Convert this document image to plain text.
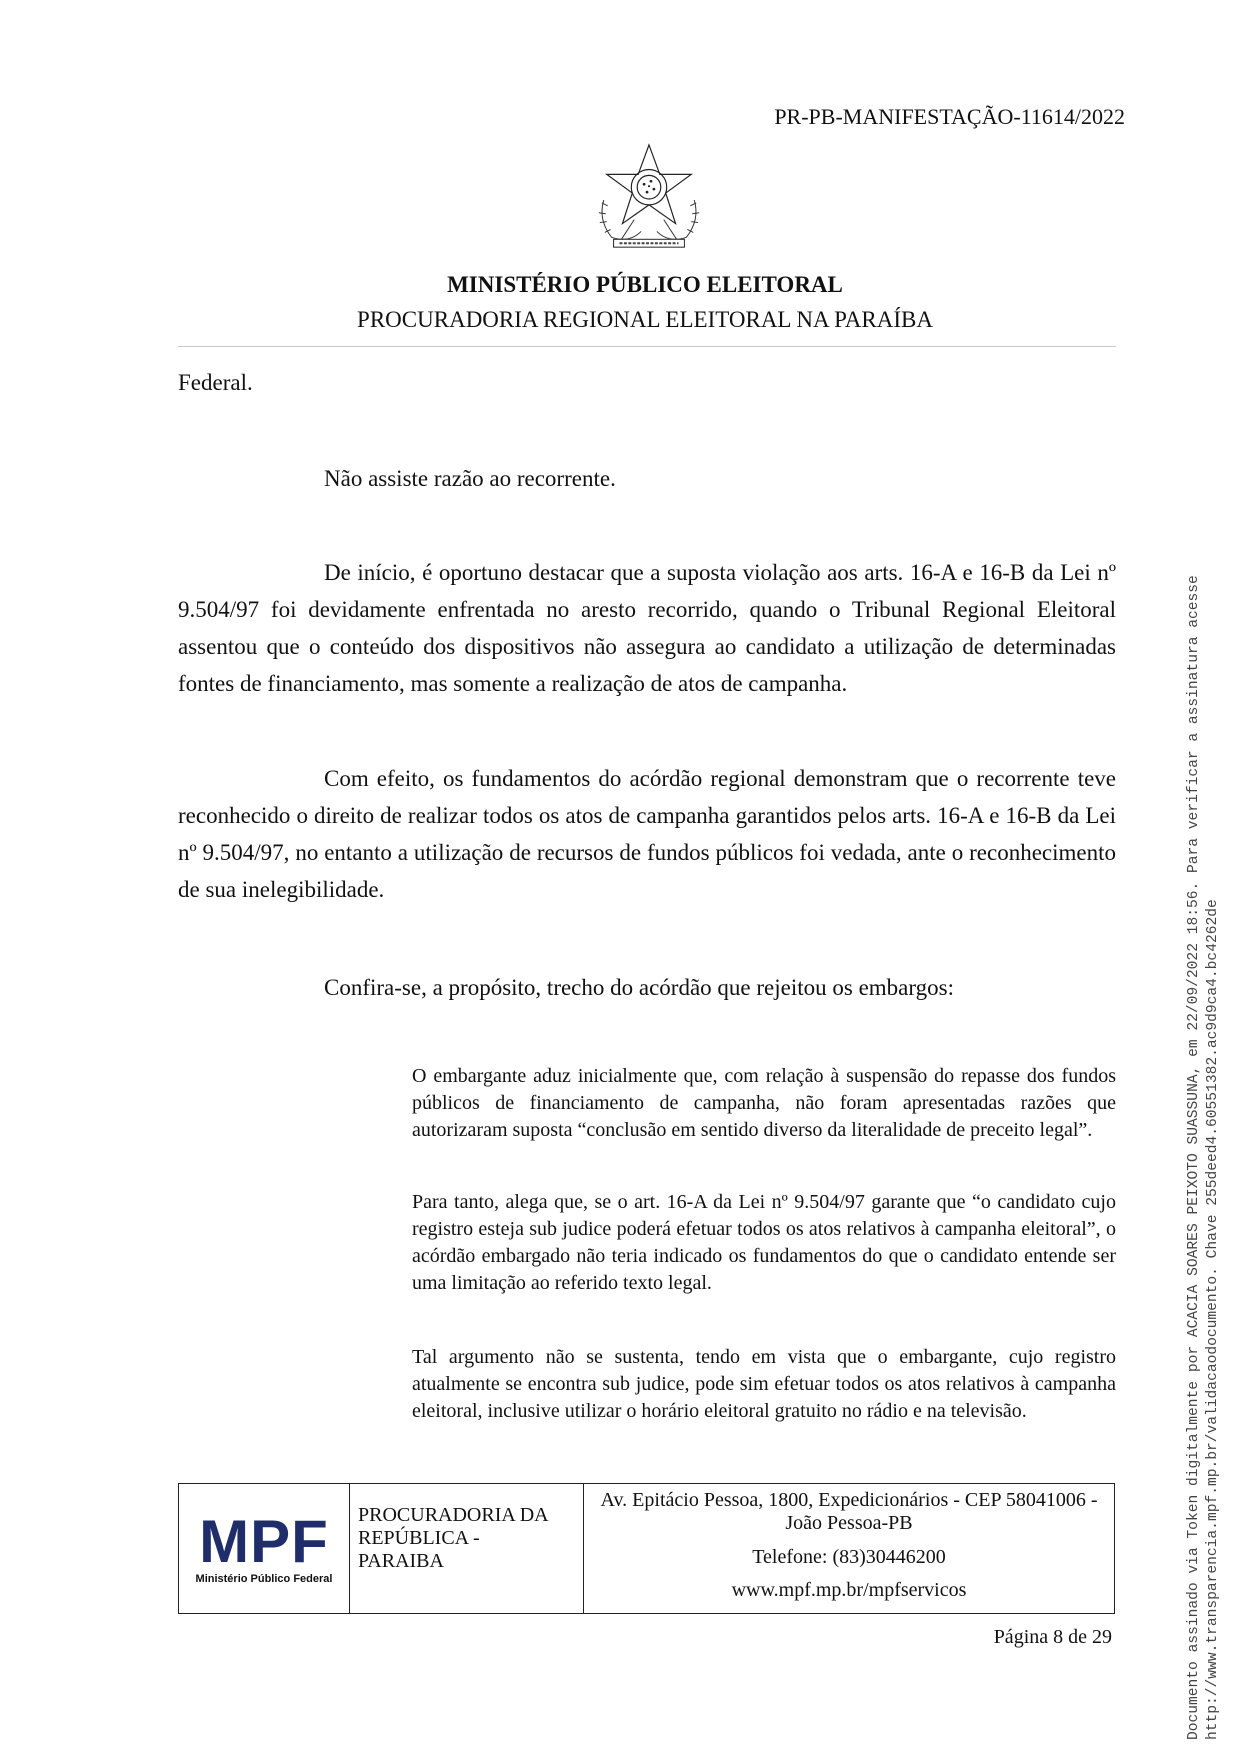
PR-PB-MANIFESTAÇÃO-11614/2022
MINISTÉRIO PÚBLICO ELEITORAL
PROCURADORIA REGIONAL ELEITORAL NA PARAÍBA

Federal.

Não assiste razão ao recorrente.

De início, é oportuno destacar que a suposta violação aos arts. 16-A e 16-B da Lei nº 9.504/97 foi devidamente enfrentada no aresto recorrido, quando o Tribunal Regional Eleitoral assentou que o conteúdo dos dispositivos não assegura ao candidato a utilização de determinadas fontes de financiamento, mas somente a realização de atos de campanha.

Com efeito, os fundamentos do acórdão regional demonstram que o recorrente teve reconhecido o direito de realizar todos os atos de campanha garantidos pelos arts. 16-A e 16-B da Lei nº 9.504/97, no entanto a utilização de recursos de fundos públicos foi vedada, ante o reconhecimento de sua inelegibilidade.

Confira-se, a propósito, trecho do acórdão que rejeitou os embargos:

O embargante aduz inicialmente que, com relação à suspensão do repasse dos fundos públicos de financiamento de campanha, não foram apresentadas razões que autorizaram suposta “conclusão em sentido diverso da literalidade de preceito legal”.

Para tanto, alega que, se o art. 16-A da Lei nº 9.504/97 garante que “o candidato cujo registro esteja sub judice poderá efetuar todos os atos relativos à campanha eleitoral”, o acórdão embargado não teria indicado os fundamentos do que o candidato entende ser uma limitação ao referido texto legal.

Tal argumento não se sustenta, tendo em vista que o embargante, cujo registro atualmente se encontra sub judice, pode sim efetuar todos os atos relativos à campanha eleitoral, inclusive utilizar o horário eleitoral gratuito no rádio e na televisão.

MPF
Ministério Público Federal
PROCURADORIA DA
REPÚBLICA -
PARAIBA
Av. Epitácio Pessoa, 1800, Expedicionários - CEP 58041006 - João Pessoa-PB
Telefone: (83)30446200
www.mpf.mp.br/mpfservicos
Página 8 de 29	Documento assinado via Token digitalmente por ACACIA SOARES PEIXOTO SUASSUNA, em 22/09/2022 18:56. Para verificar a assinatura acesse http://www.transparencia.mpf.mp.br/validacaodocumento. Chave 255deed4.60551382.ac9d9ca4.bc4262de
